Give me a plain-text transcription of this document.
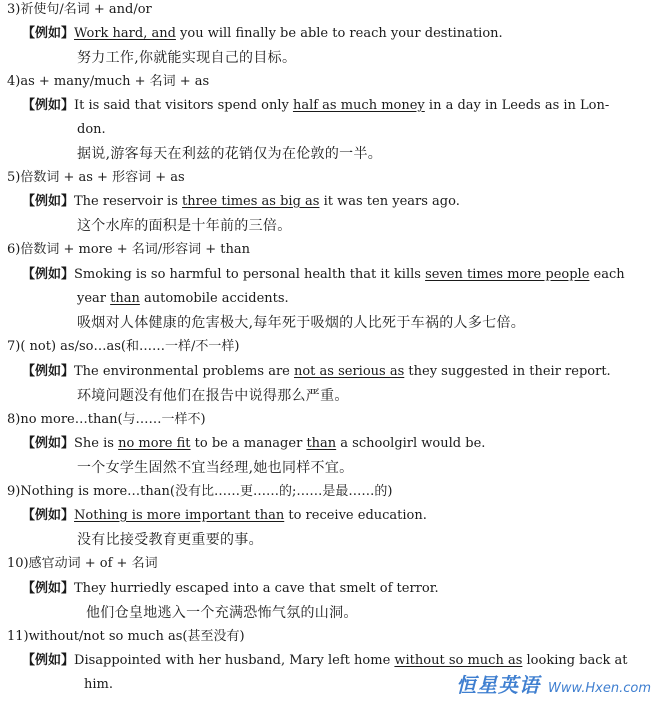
3)祈使句/名词 + and/or
【例如】Work hard, and you will finally be able to reach your destination.
努力工作,你就能实现自己的目标。
4)as + many/much + 名词 + as
【例如】It is said that visitors spend only half as much money in a day in Leeds as in Lon-
don.
据说,游客每天在利兹的花销仅为在伦敦的一半。
5)倍数词 + as + 形容词 + as
【例如】The reservoir is three times as big as it was ten years ago.
这个水库的面积是十年前的三倍。
6)倍数词 + more + 名词/形容词 + than
【例如】Smoking is so harmful to personal health that it kills seven times more people each
year than automobile accidents.
吸烟对人体健康的危害极大,每年死于吸烟的人比死于车祸的人多七倍。
7)( not) as/so…as(和……一样/不一样)
【例如】The environmental problems are not as serious as they suggested in their report.
环境问题没有他们在报告中说得那么严重。
8)no more…than(与……一样不)
【例如】She is no more fit to be a manager than a schoolgirl would be.
一个女学生固然不宜当经理,她也同样不宜。
9)Nothing is more…than(没有比……更……的;……是最……的)
【例如】Nothing is more important than to receive education.
没有比接受教育更重要的事。
10)感官动词 + of + 名词
【例如】They hurriedly escaped into a cave that smelt of terror.
他们仓皇地逃入一个充满恐怖气氛的山洞。
11)without/not so much as(甚至没有)
【例如】Disappointed with her husband, Mary left home without so much as looking back at
him.	恒星英语 Www.Hxen.com
